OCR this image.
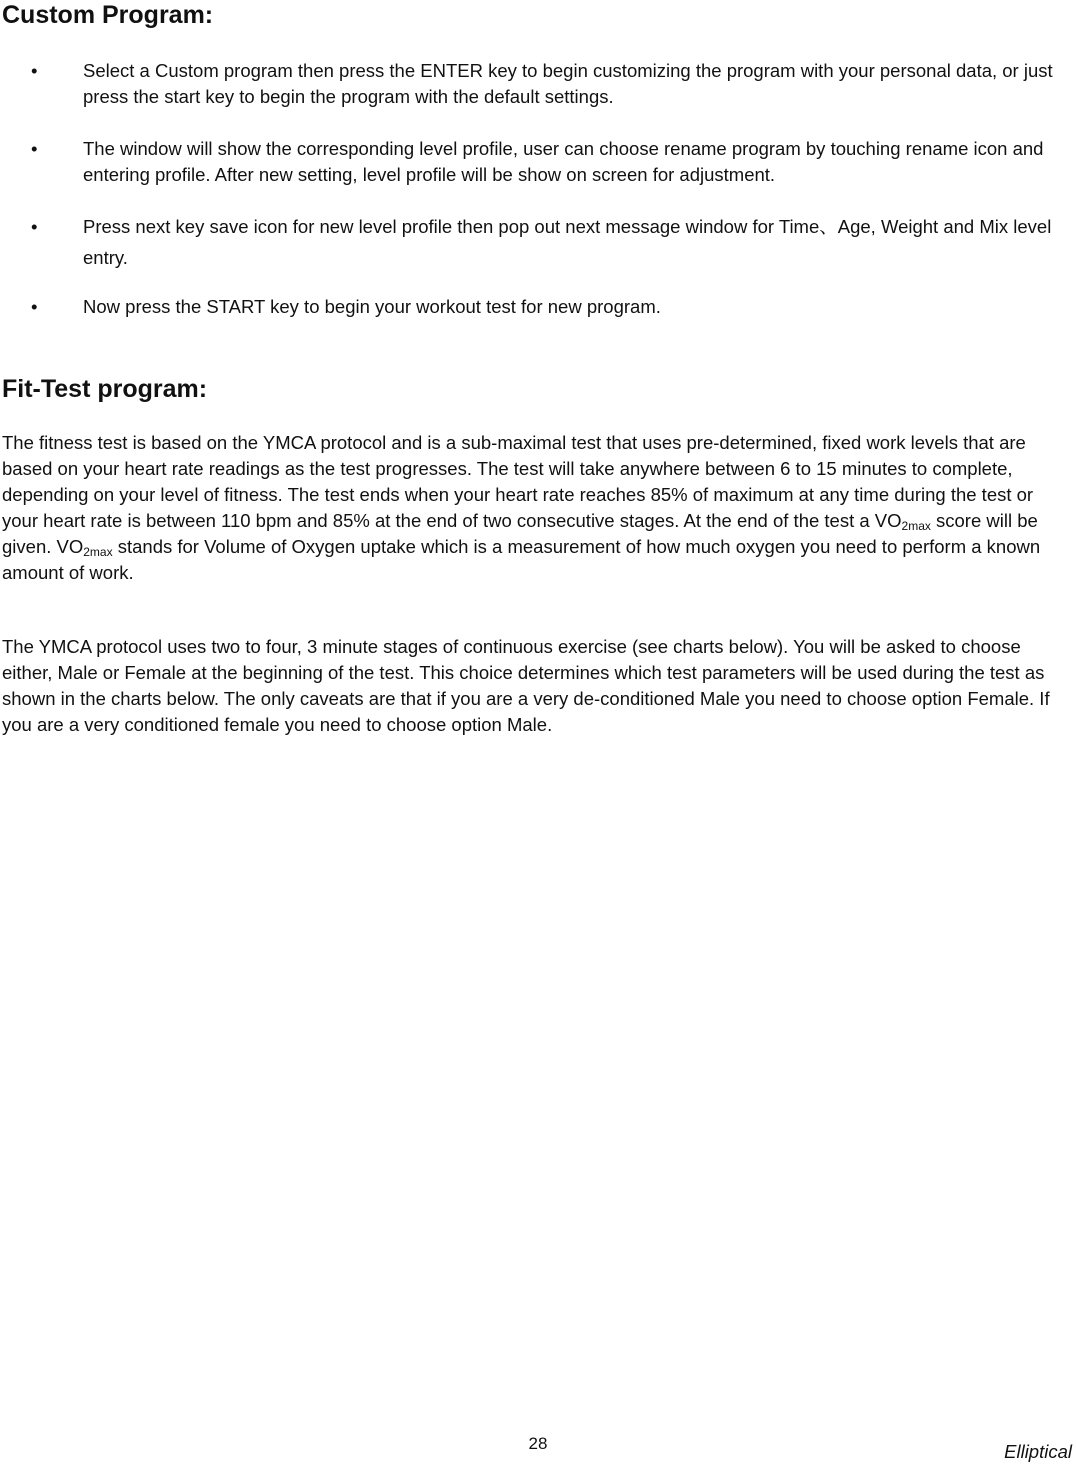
Custom Program:
• Select a Custom program then press the ENTER key to begin customizing the program with your personal data, or just press the start key to begin the program with the default settings.
• The window will show the corresponding level profile, user can choose rename program by touching rename icon and entering profile. After new setting, level profile will be show on screen for adjustment.
• Press next key save icon for new level profile then pop out next message window for Time、Age, Weight and Mix level entry.
• Now press the START key to begin your workout test for new program.
Fit-Test program:

The fitness test is based on the YMCA protocol and is a sub-maximal test that uses pre-determined, fixed work levels that are based on your heart rate readings as the test progresses. The test will take anywhere between 6 to 15 minutes to complete, depending on your level of fitness. The test ends when your heart rate reaches 85% of maximum at any time during the test or your heart rate is between 110 bpm and 85% at the end of two consecutive stages. At the end of the test a $VO_{2max}$ score will be given. $VO_{2max}$ stands for Volume of Oxygen uptake which is a measurement of how much oxygen you need to perform a known amount of work.

The YMCA protocol uses two to four, 3 minute stages of continuous exercise (see charts below). You will be asked to choose either, Male or Female at the beginning of the test. This choice determines which test parameters will be used during the test as shown in the charts below. The only caveats are that if you are a very de-conditioned Male you need to choose option Female. If you are a very conditioned female you need to choose option Male.

28	Elliptical
